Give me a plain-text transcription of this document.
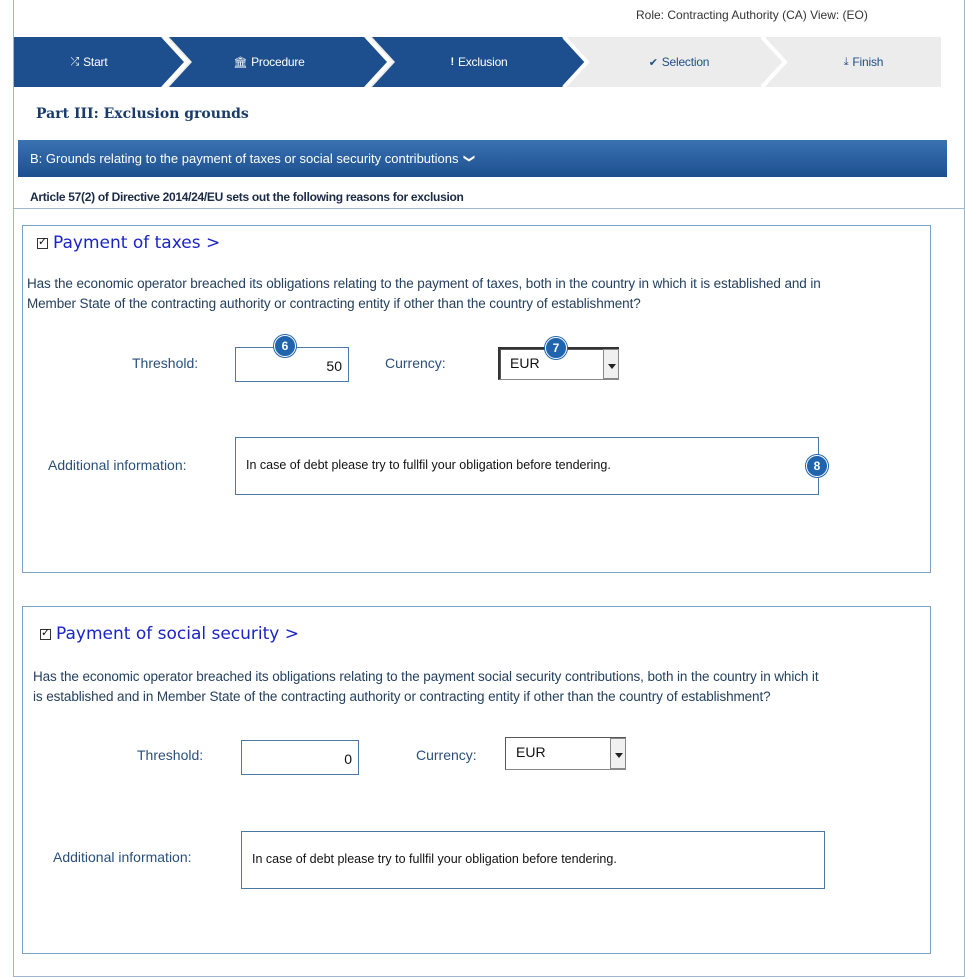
Role: Contracting Authority (CA) View: (EO)
⤮ Start	🏛 Procedure	! Exclusion	✔ Selection	⤓ Finish
Part III: Exclusion grounds
B: Grounds relating to the payment of taxes or social security contributions ❯
Article 57(2) of Directive 2014/24/EU sets out the following reasons for exclusion
✓
Payment of taxes >
Has the economic operator breached its obligations relating to the payment of taxes, both in the country in which it is established and in
Member State of the contracting authority or contracting entity if other than the country of establishment?
Threshold:	50	Currency:	EUR
Additional information:	In case of debt please try to fullfil your obligation before tendering.
✓
Payment of social security >
Has the economic operator breached its obligations relating to the payment social security contributions, both in the country in which it
is established and in Member State of the contracting authority or contracting entity if other than the country of establishment?
Threshold:	0	Currency:	EUR
Additional information:	In case of debt please try to fullfil your obligation before tendering.
6	7
8
